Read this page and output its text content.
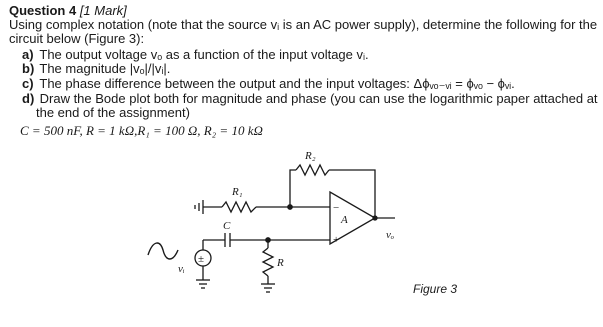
Question 4 [1 Mark]
Using complex notation (note that the source vᵢ is an AC power supply), determine the following for the
circuit below (Figure 3):
a) The output voltage vₒ as a function of the input voltage vᵢ.
b) The magnitude |vₒ|/|vᵢ|.
c) The phase difference between the output and the input voltages: Δϕᵥₒ₋ᵥᵢ = ϕᵥₒ − ϕᵥᵢ.
d) Draw the Bode plot both for magnitude and phase (you can use the logarithmic paper attached at
the end of the assignment)
C = 500 nF, R = 1 kΩ,R₁ = 100 Ω, R₂ = 10 kΩ
R₂
R₁
C
R
A
−
+	vₒ
vᵢ
±
Figure 3
